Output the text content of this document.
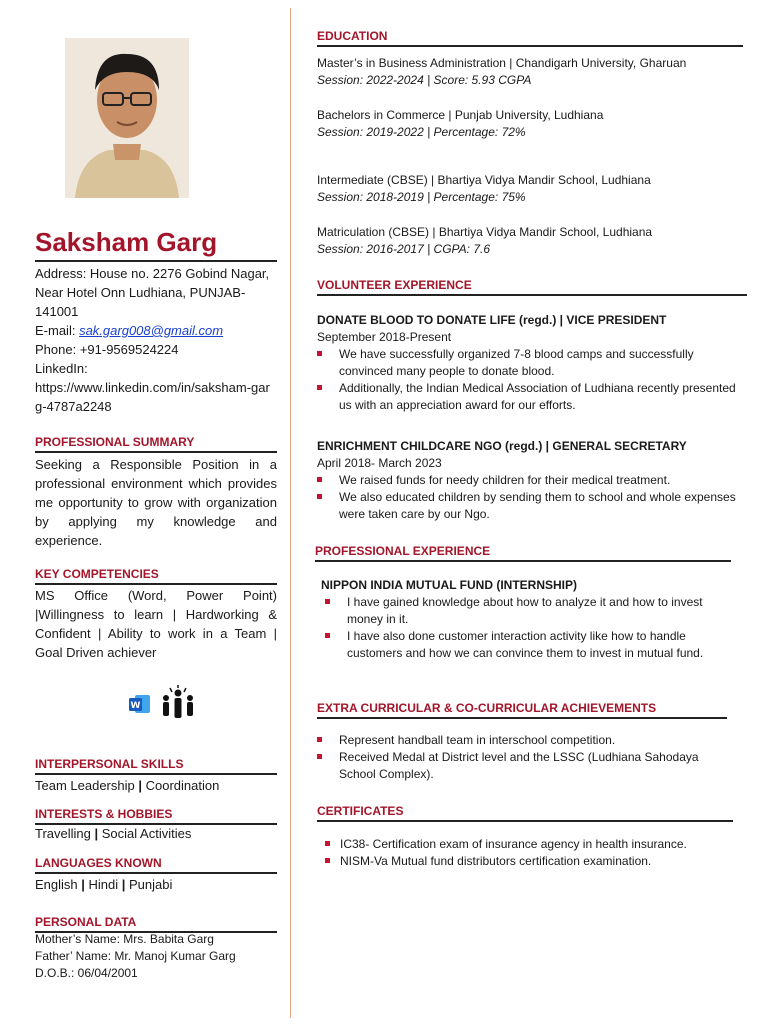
Saksham Garg
Address: House no. 2276 Gobind Nagar, Near Hotel Onn Ludhiana, PUNJAB-141001
E-mail: sak.garg008@gmail.com
Phone: +91-9569524224
LinkedIn:
https://www.linkedin.com/in/saksham-garg-4787a2248
PROFESSIONAL SUMMARY
Seeking a Responsible Position in a professional environment which provides me opportunity to grow with organization by applying my knowledge and experience.
KEY COMPETENCIES
MS Office (Word, Power Point) |Willingness to learn | Hardworking & Confident | Ability to work in a Team | Goal Driven achiever
W
INTERPERSONAL SKILLS
Team Leadership | Coordination
INTERESTS & HOBBIES
Travelling | Social Activities
LANGUAGES KNOWN
English | Hindi | Punjabi
PERSONAL DATA
Mother’s Name: Mrs. Babita Garg
Father’ Name: Mr. Manoj Kumar Garg
D.O.B.: 06/04/2001
EDUCATION
Master’s in Business Administration | Chandigarh University, Gharuan
Session: 2022-2024 | Score: 5.93 CGPA
Bachelors in Commerce | Punjab University, Ludhiana
Session: 2019-2022 | Percentage: 72%
Intermediate (CBSE) | Bhartiya Vidya Mandir School, Ludhiana
Session: 2018-2019 | Percentage: 75%
Matriculation (CBSE) | Bhartiya Vidya Mandir School, Ludhiana
Session: 2016-2017 | CGPA: 7.6
VOLUNTEER EXPERIENCE
DONATE BLOOD TO DONATE LIFE (regd.) | VICE PRESIDENT
September 2018-Present
We have successfully organized 7-8 blood camps and successfully convinced many people to donate blood.
Additionally, the Indian Medical Association of Ludhiana recently presented us with an appreciation award for our efforts.
ENRICHMENT CHILDCARE NGO (regd.) | GENERAL SECRETARY
April 2018- March 2023
We raised funds for needy children for their medical treatment.
We also educated children by sending them to school and whole expenses were taken care by our Ngo.
PROFESSIONAL EXPERIENCE
NIPPON INDIA MUTUAL FUND (INTERNSHIP)
I have gained knowledge about how to analyze it and how to invest money in it.
I have also done customer interaction activity like how to handle customers and how we can convince them to invest in mutual fund.
EXTRA CURRICULAR & CO-CURRICULAR ACHIEVEMENTS
Represent handball team in interschool competition.
Received Medal at District level and the LSSC (Ludhiana Sahodaya School Complex).
CERTIFICATES
IC38- Certification exam of insurance agency in health insurance.
NISM-Va Mutual fund distributors certification examination.
